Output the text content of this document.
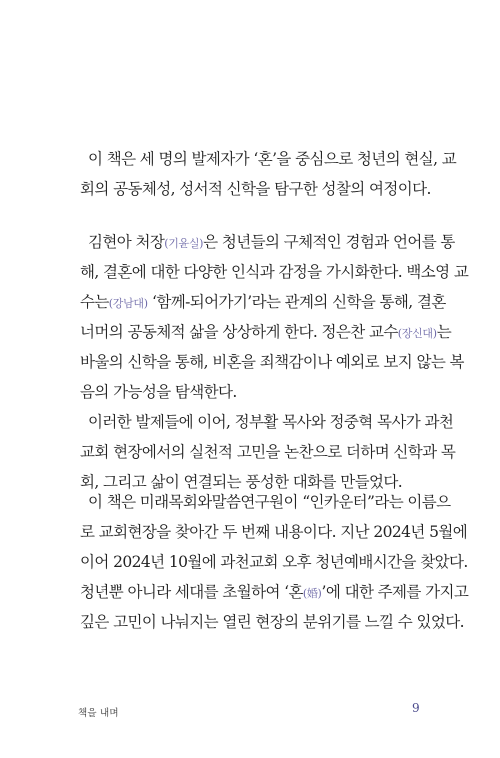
이 책은 세 명의 발제자가 ‘혼’을 중심으로 청년의 현실, 교
회의 공동체성, 성서적 신학을 탐구한 성찰의 여정이다.
김현아 처장(기윤실)은 청년들의 구체적인 경험과 언어를 통
해, 결혼에 대한 다양한 인식과 감정을 가시화한다. 백소영 교
수는(강남대) ‘함께-되어가기’라는 관계의 신학을 통해, 결혼
너머의 공동체적 삶을 상상하게 한다. 정은찬 교수(장신대)는
바울의 신학을 통해, 비혼을 죄책감이나 예외로 보지 않는 복
음의 가능성을 탐색한다.
이러한 발제들에 이어, 정부활 목사와 정중혁 목사가 과천
교회 현장에서의 실천적 고민을 논찬으로 더하며 신학과 목
회, 그리고 삶이 연결되는 풍성한 대화를 만들었다.
이 책은 미래목회와말씀연구원이 “인카운터”라는 이름으
로 교회현장을 찾아간 두 번째 내용이다. 지난 2024년 5월에
이어 2024년 10월에 과천교회 오후 청년예배시간을 찾았다.
청년뿐 아니라 세대를 초월하여 ‘혼(婚)’에 대한 주제를 가지고
깊은 고민이 나눠지는 열린 현장의 분위기를 느낄 수 있었다.
책을 내며	9
